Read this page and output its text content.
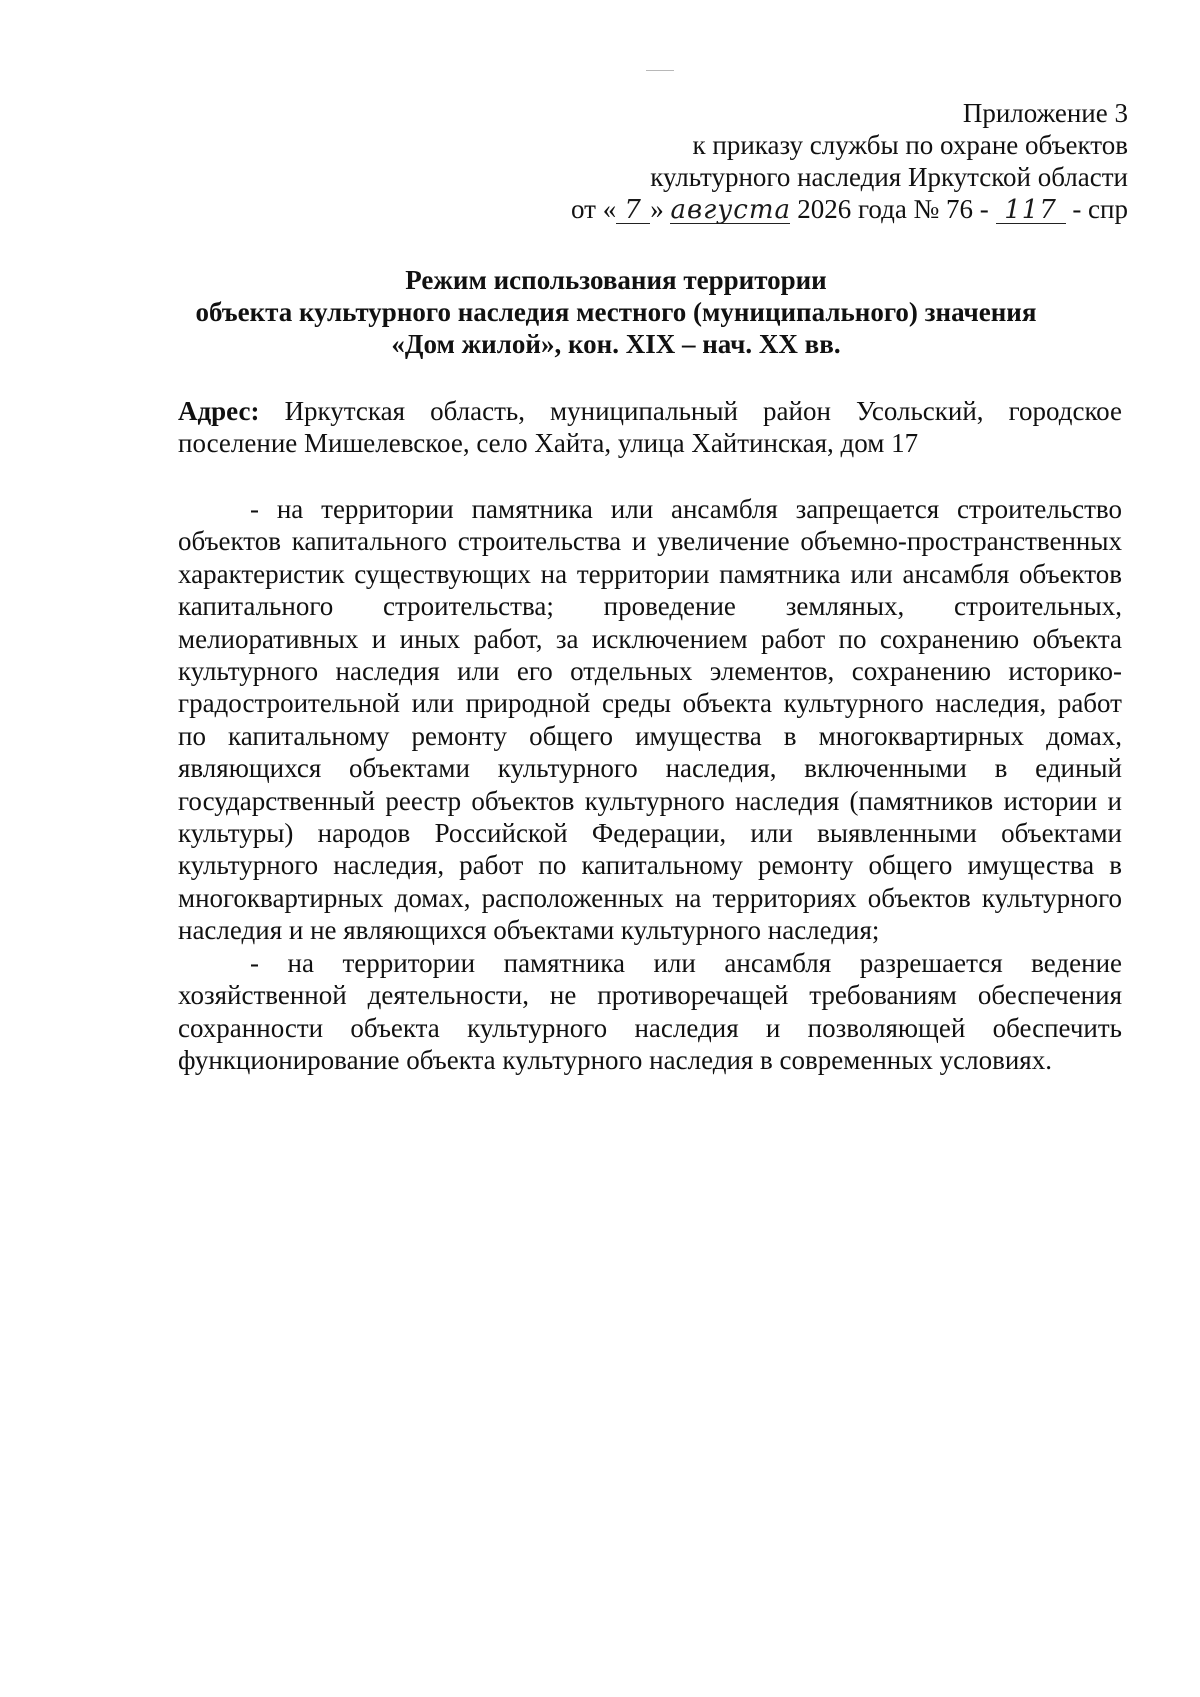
Приложение 3
к приказу службы по охране объектов
культурного наследия Иркутской области
от « 7 » августа 2026 года № 76 - 117 - спр
Режим использования территории
объекта культурного наследия местного (муниципального) значения
«Дом жилой», кон. XIX – нач. XX вв.
Адрес: Иркутская область, муниципальный район Усольский, городское поселение Мишелевское, село Хайта, улица Хайтинская, дом 17

- на территории памятника или ансамбля запрещается строительство объектов капитального строительства и увеличение объемно-пространственных характеристик существующих на территории памятника или ансамбля объектов капитального строительства; проведение земляных, строительных, мелиоративных и иных работ, за исключением работ по сохранению объекта культурного наследия или его отдельных элементов, сохранению историко-градостроительной или природной среды объекта культурного наследия, работ по капитальному ремонту общего имущества в многоквартирных домах, являющихся объектами культурного наследия, включенными в единый государственный реестр объектов культурного наследия (памятников истории и культуры) народов Российской Федерации, или выявленными объектами культурного наследия, работ по капитальному ремонту общего имущества в многоквартирных домах, расположенных на территориях объектов культурного наследия и не являющихся объектами культурного наследия;

- на территории памятника или ансамбля разрешается ведение хозяйственной деятельности, не противоречащей требованиям обеспечения сохранности объекта культурного наследия и позволяющей обеспечить функционирование объекта культурного наследия в современных условиях.
